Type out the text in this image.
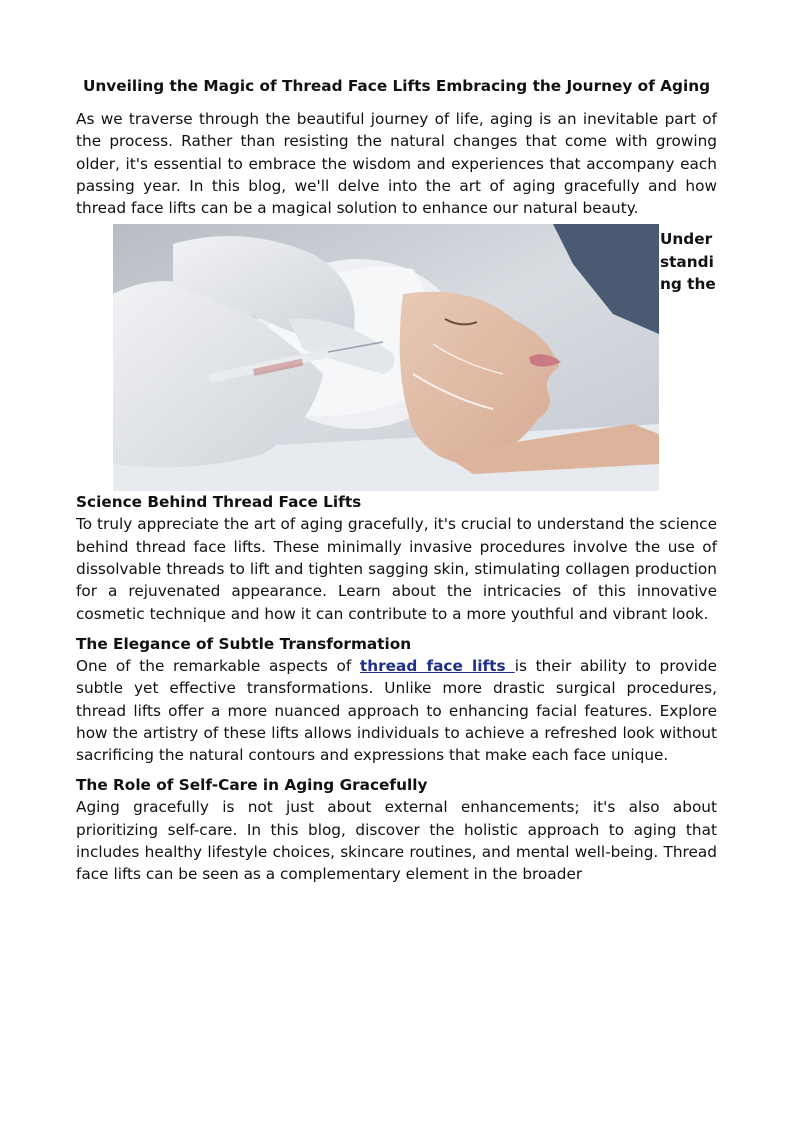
Unveiling the Magic of Thread Face Lifts Embracing the Journey of Aging

As we traverse through the beautiful journey of life, aging is an inevitable part of the process. Rather than resisting the natural changes that come with growing older, it's essential to embrace the wisdom and experiences that accompany each passing year. In this blog, we'll delve into the art of aging gracefully and how thread face lifts can be a magical solution to enhance our natural beauty.

Under
standi
ng the
Science Behind Thread Face Lifts

To truly appreciate the art of aging gracefully, it's crucial to understand the science behind thread face lifts. These minimally invasive procedures involve the use of dissolvable threads to lift and tighten sagging skin, stimulating collagen production for a rejuvenated appearance. Learn about the intricacies of this innovative cosmetic technique and how it can contribute to a more youthful and vibrant look.

The Elegance of Subtle Transformation

One of the remarkable aspects of thread face lifts is their ability to provide subtle yet effective transformations. Unlike more drastic surgical procedures, thread lifts offer a more nuanced approach to enhancing facial features. Explore how the artistry of these lifts allows individuals to achieve a refreshed look without sacrificing the natural contours and expressions that make each face unique.

The Role of Self-Care in Aging Gracefully

Aging gracefully is not just about external enhancements; it's also about prioritizing self-care. In this blog, discover the holistic approach to aging that includes healthy lifestyle choices, skincare routines, and mental well-being. Thread face lifts can be seen as a complementary element in the broader
